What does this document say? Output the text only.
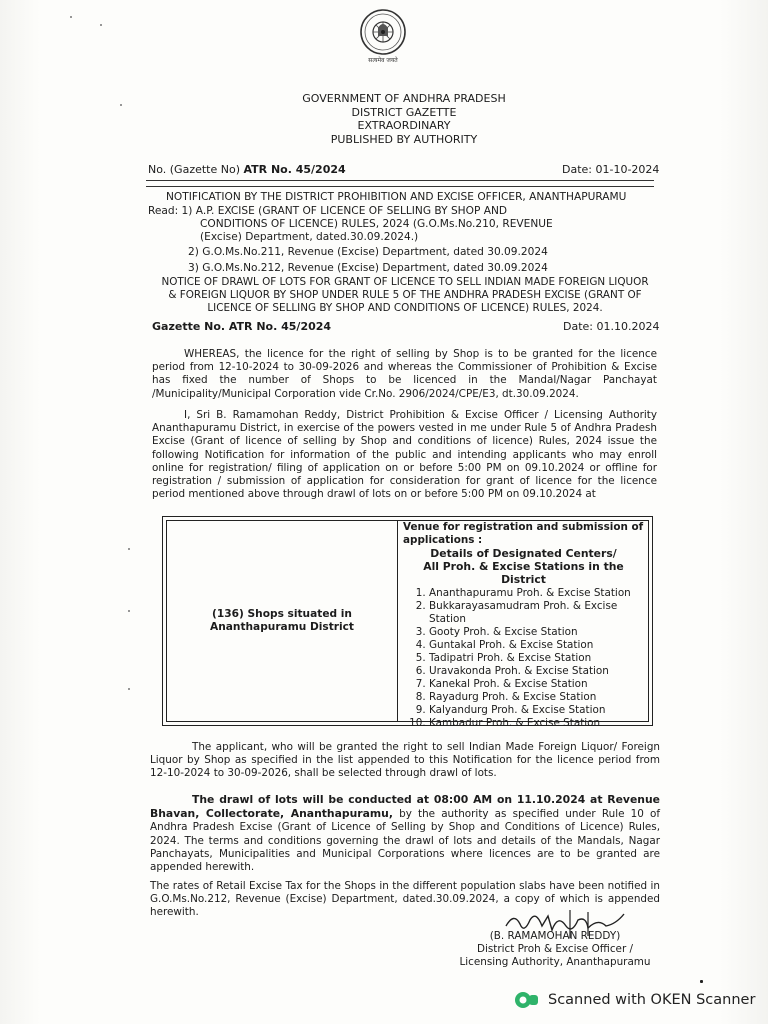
सत्यमेव जयते
GOVERNMENT OF ANDHRA PRADESH
DISTRICT GAZETTE
EXTRAORDINARY
PUBLISHED BY AUTHORITY
No. (Gazette No) ATR No. 45/2024	Date: 01-10-2024
NOTIFICATION BY THE DISTRICT PROHIBITION AND EXCISE OFFICER, ANANTHAPURAMU
Read: 1) A.P. EXCISE (GRANT OF LICENCE OF SELLING BY SHOP AND
CONDITIONS OF LICENCE) RULES, 2024 (G.O.Ms.No.210, REVENUE
(Excise) Department, dated.30.09.2024.)
2) G.O.Ms.No.211, Revenue (Excise) Department, dated 30.09.2024
3) G.O.Ms.No.212, Revenue (Excise) Department, dated 30.09.2024
NOTICE OF DRAWL OF LOTS FOR GRANT OF LICENCE TO SELL INDIAN MADE FOREIGN LIQUOR
& FOREIGN LIQUOR BY SHOP UNDER RULE 5 OF THE ANDHRA PRADESH EXCISE (GRANT OF
LICENCE OF SELLING BY SHOP AND CONDITIONS OF LICENCE) RULES, 2024.
Gazette No. ATR No. 45/2024	Date: 01.10.2024
WHEREAS, the licence for the right of selling by Shop is to be granted for the licence period from 12-10-2024 to 30-09-2026 and whereas the Commissioner of Prohibition & Excise has fixed the number of Shops to be licenced in the Mandal/Nagar Panchayat /Municipality/Municipal Corporation vide Cr.No. 2906/2024/CPE/E3, dt.30.09.2024.
I, Sri B. Ramamohan Reddy, District Prohibition & Excise Officer / Licensing Authority Ananthapuramu District, in exercise of the powers vested in me under Rule 5 of Andhra Pradesh Excise (Grant of licence of selling by Shop and conditions of licence) Rules, 2024 issue the following Notification for information of the public and intending applicants who may enroll online for registration/ filing of application on or before 5:00 PM on 09.10.2024 or offline for registration / submission of application for consideration for grant of licence for the licence period mentioned above through drawl of lots on or before 5:00 PM on 09.10.2024 at
(136) Shops situated in Ananthapuramu District
Venue for registration and submission of applications :
Details of Designated Centers/
All Proh. & Excise Stations in the District
1. Ananthapuramu Proh. & Excise Station
2. Bukkarayasamudram Proh. & Excise Station
3. Gooty Proh. & Excise Station
4. Guntakal Proh. & Excise Station
5. Tadipatri Proh. & Excise Station
6. Uravakonda Proh. & Excise Station
7. Kanekal Proh. & Excise Station
8. Rayadurg Proh. & Excise Station
9. Kalyandurg Proh. & Excise Station
10. Kambadur Proh. & Excise Station
The applicant, who will be granted the right to sell Indian Made Foreign Liquor/ Foreign Liquor by Shop as specified in the list appended to this Notification for the licence period from 12-10-2024 to 30-09-2026, shall be selected through drawl of lots.
The drawl of lots will be conducted at 08:00 AM on 11.10.2024 at Revenue Bhavan, Collectorate, Ananthapuramu, by the authority as specified under Rule 10 of Andhra Pradesh Excise (Grant of Licence of Selling by Shop and Conditions of Licence) Rules, 2024. The terms and conditions governing the drawl of lots and details of the Mandals, Nagar Panchayats, Municipalities and Municipal Corporations where licences are to be granted are appended herewith.
The rates of Retail Excise Tax for the Shops in the different population slabs have been notified in G.O.Ms.No.212, Revenue (Excise) Department, dated.30.09.2024, a copy of which is appended herewith.
(B. RAMAMOHAN REDDY)
District Proh & Excise Officer /
Licensing Authority, Ananthapuramu
Scanned with OKEN Scanner
